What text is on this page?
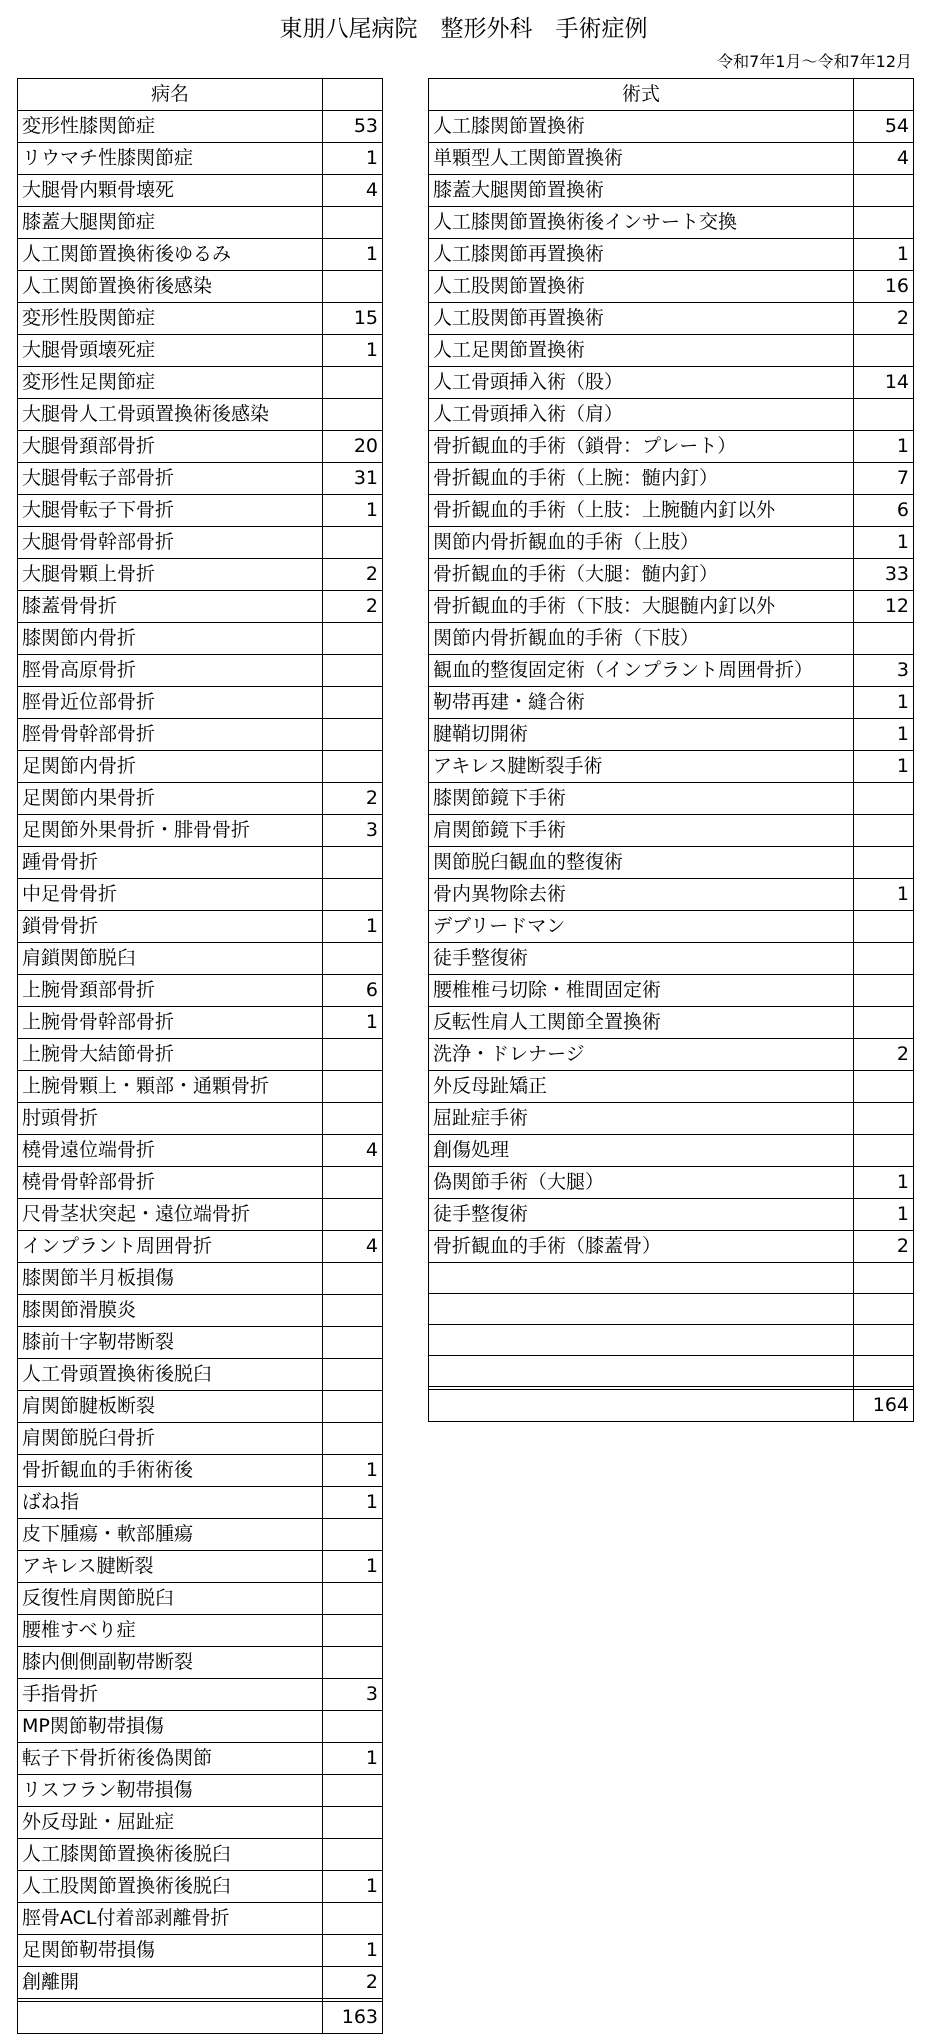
東朋八尾病院　整形外科　手術症例
令和7年1月～令和7年12月
病名	
変形性膝関節症	53
リウマチ性膝関節症	1
大腿骨内顆骨壊死	4
膝蓋大腿関節症	
人工関節置換術後ゆるみ	1
人工関節置換術後感染	
変形性股関節症	15
大腿骨頭壊死症	1
変形性足関節症	
大腿骨人工骨頭置換術後感染	
大腿骨頚部骨折	20
大腿骨転子部骨折	31
大腿骨転子下骨折	1
大腿骨骨幹部骨折	
大腿骨顆上骨折	2
膝蓋骨骨折	2
膝関節内骨折	
脛骨高原骨折	
脛骨近位部骨折	
脛骨骨幹部骨折	
足関節内骨折	
足関節内果骨折	2
足関節外果骨折・腓骨骨折	3
踵骨骨折	
中足骨骨折	
鎖骨骨折	1
肩鎖関節脱臼	
上腕骨頚部骨折	6
上腕骨骨幹部骨折	1
上腕骨大結節骨折	
上腕骨顆上・顆部・通顆骨折	
肘頭骨折	
橈骨遠位端骨折	4
橈骨骨幹部骨折	
尺骨茎状突起・遠位端骨折	
インプラント周囲骨折	4
膝関節半月板損傷	
膝関節滑膜炎	
膝前十字靭帯断裂	
人工骨頭置換術後脱臼	
肩関節腱板断裂	
肩関節脱臼骨折	
骨折観血的手術術後	1
ばね指	1
皮下腫瘍・軟部腫瘍	
アキレス腱断裂	1
反復性肩関節脱臼	
腰椎すべり症	
膝内側側副靭帯断裂	
手指骨折	3
MP関節靭帯損傷	
転子下骨折術後偽関節	1
リスフラン靭帯損傷	
外反母趾・屈趾症	
人工膝関節置換術後脱臼	
人工股関節置換術後脱臼	1
脛骨ACL付着部剥離骨折	
足関節靭帯損傷	1
創離開	2

	163
術式	
人工膝関節置換術	54
単顆型人工関節置換術	4
膝蓋大腿関節置換術	
人工膝関節置換術後インサート交換	
人工膝関節再置換術	1
人工股関節置換術	16
人工股関節再置換術	2
人工足関節置換術	
人工骨頭挿入術（股）	14
人工骨頭挿入術（肩）	
骨折観血的手術（鎖骨：プレート）	1
骨折観血的手術（上腕：髄内釘）	7
骨折観血的手術（上肢：上腕髄内釘以外	6
関節内骨折観血的手術（上肢）	1
骨折観血的手術（大腿：髄内釘）	33
骨折観血的手術（下肢：大腿髄内釘以外	12
関節内骨折観血的手術（下肢）	
観血的整復固定術（インプラント周囲骨折）	3
靭帯再建・縫合術	1
腱鞘切開術	1
アキレス腱断裂手術	1
膝関節鏡下手術	
肩関節鏡下手術	
関節脱臼観血的整復術	
骨内異物除去術	1
デブリードマン	
徒手整復術	
腰椎椎弓切除・椎間固定術	
反転性肩人工関節全置換術	
洗浄・ドレナージ	2
外反母趾矯正	
屈趾症手術	
創傷処理	
偽関節手術（大腿）	1
徒手整復術	1
骨折観血的手術（膝蓋骨）	2

	164
